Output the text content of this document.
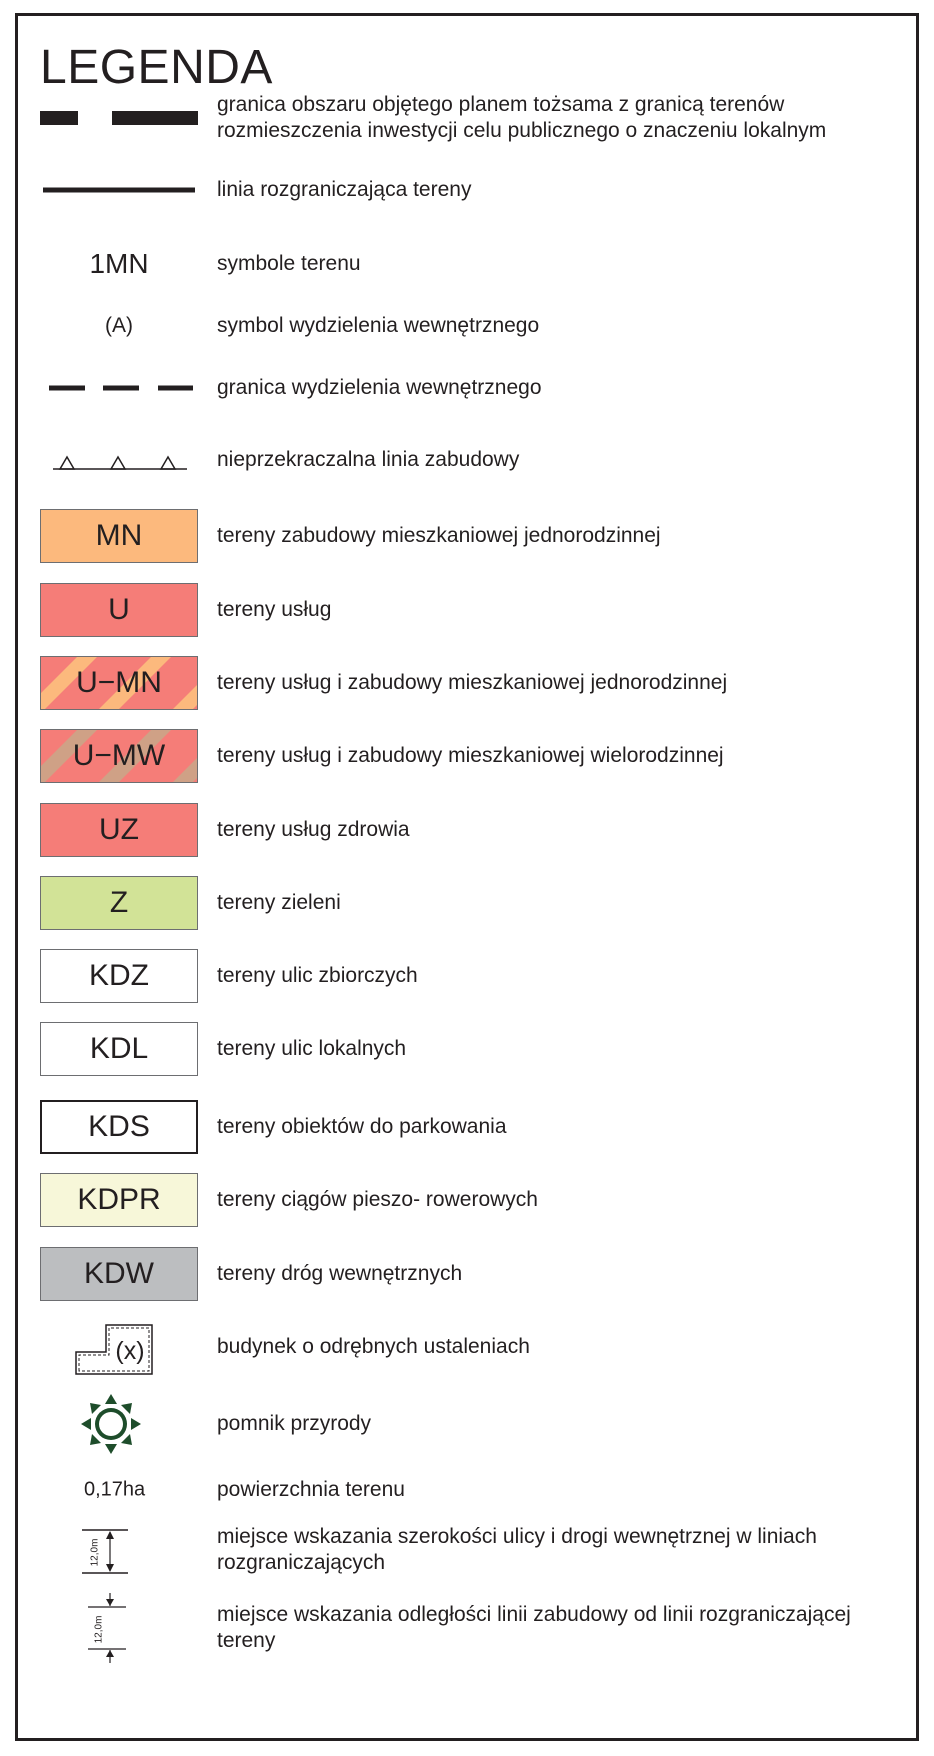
LEGENDA
granica obszaru objętego planem tożsama z granicą terenów rozmieszczenia inwestycji celu publicznego o znaczeniu lokalnym
linia rozgraniczająca tereny
1MN	symbole terenu
(A)	symbol wydzielenia wewnętrznego
granica wydzielenia wewnętrznego
nieprzekraczalna linia zabudowy
MN	tereny zabudowy mieszkaniowej jednorodzinnej
U	tereny usług
U−MN	tereny usług i zabudowy mieszkaniowej jednorodzinnej
U−MW tereny usług i zabudowy mieszkaniowej wielorodzinnej
UZ	tereny usług zdrowia
Z	tereny zieleni
KDZ	tereny ulic zbiorczych
KDL	tereny ulic lokalnych
KDS	tereny obiektów do parkowania
KDPR	tereny ciągów pieszo- rowerowych
KDW	tereny dróg wewnętrznych
(x)	budynek o odrębnych ustaleniach
pomnik przyrody
0,17ha	powierzchnia terenu
12,0m
miejsce wskazania szerokości ulicy i drogi wewnętrznej w liniach rozgraniczających
12,0m
miejsce wskazania odległości linii zabudowy od linii rozgraniczającej tereny
